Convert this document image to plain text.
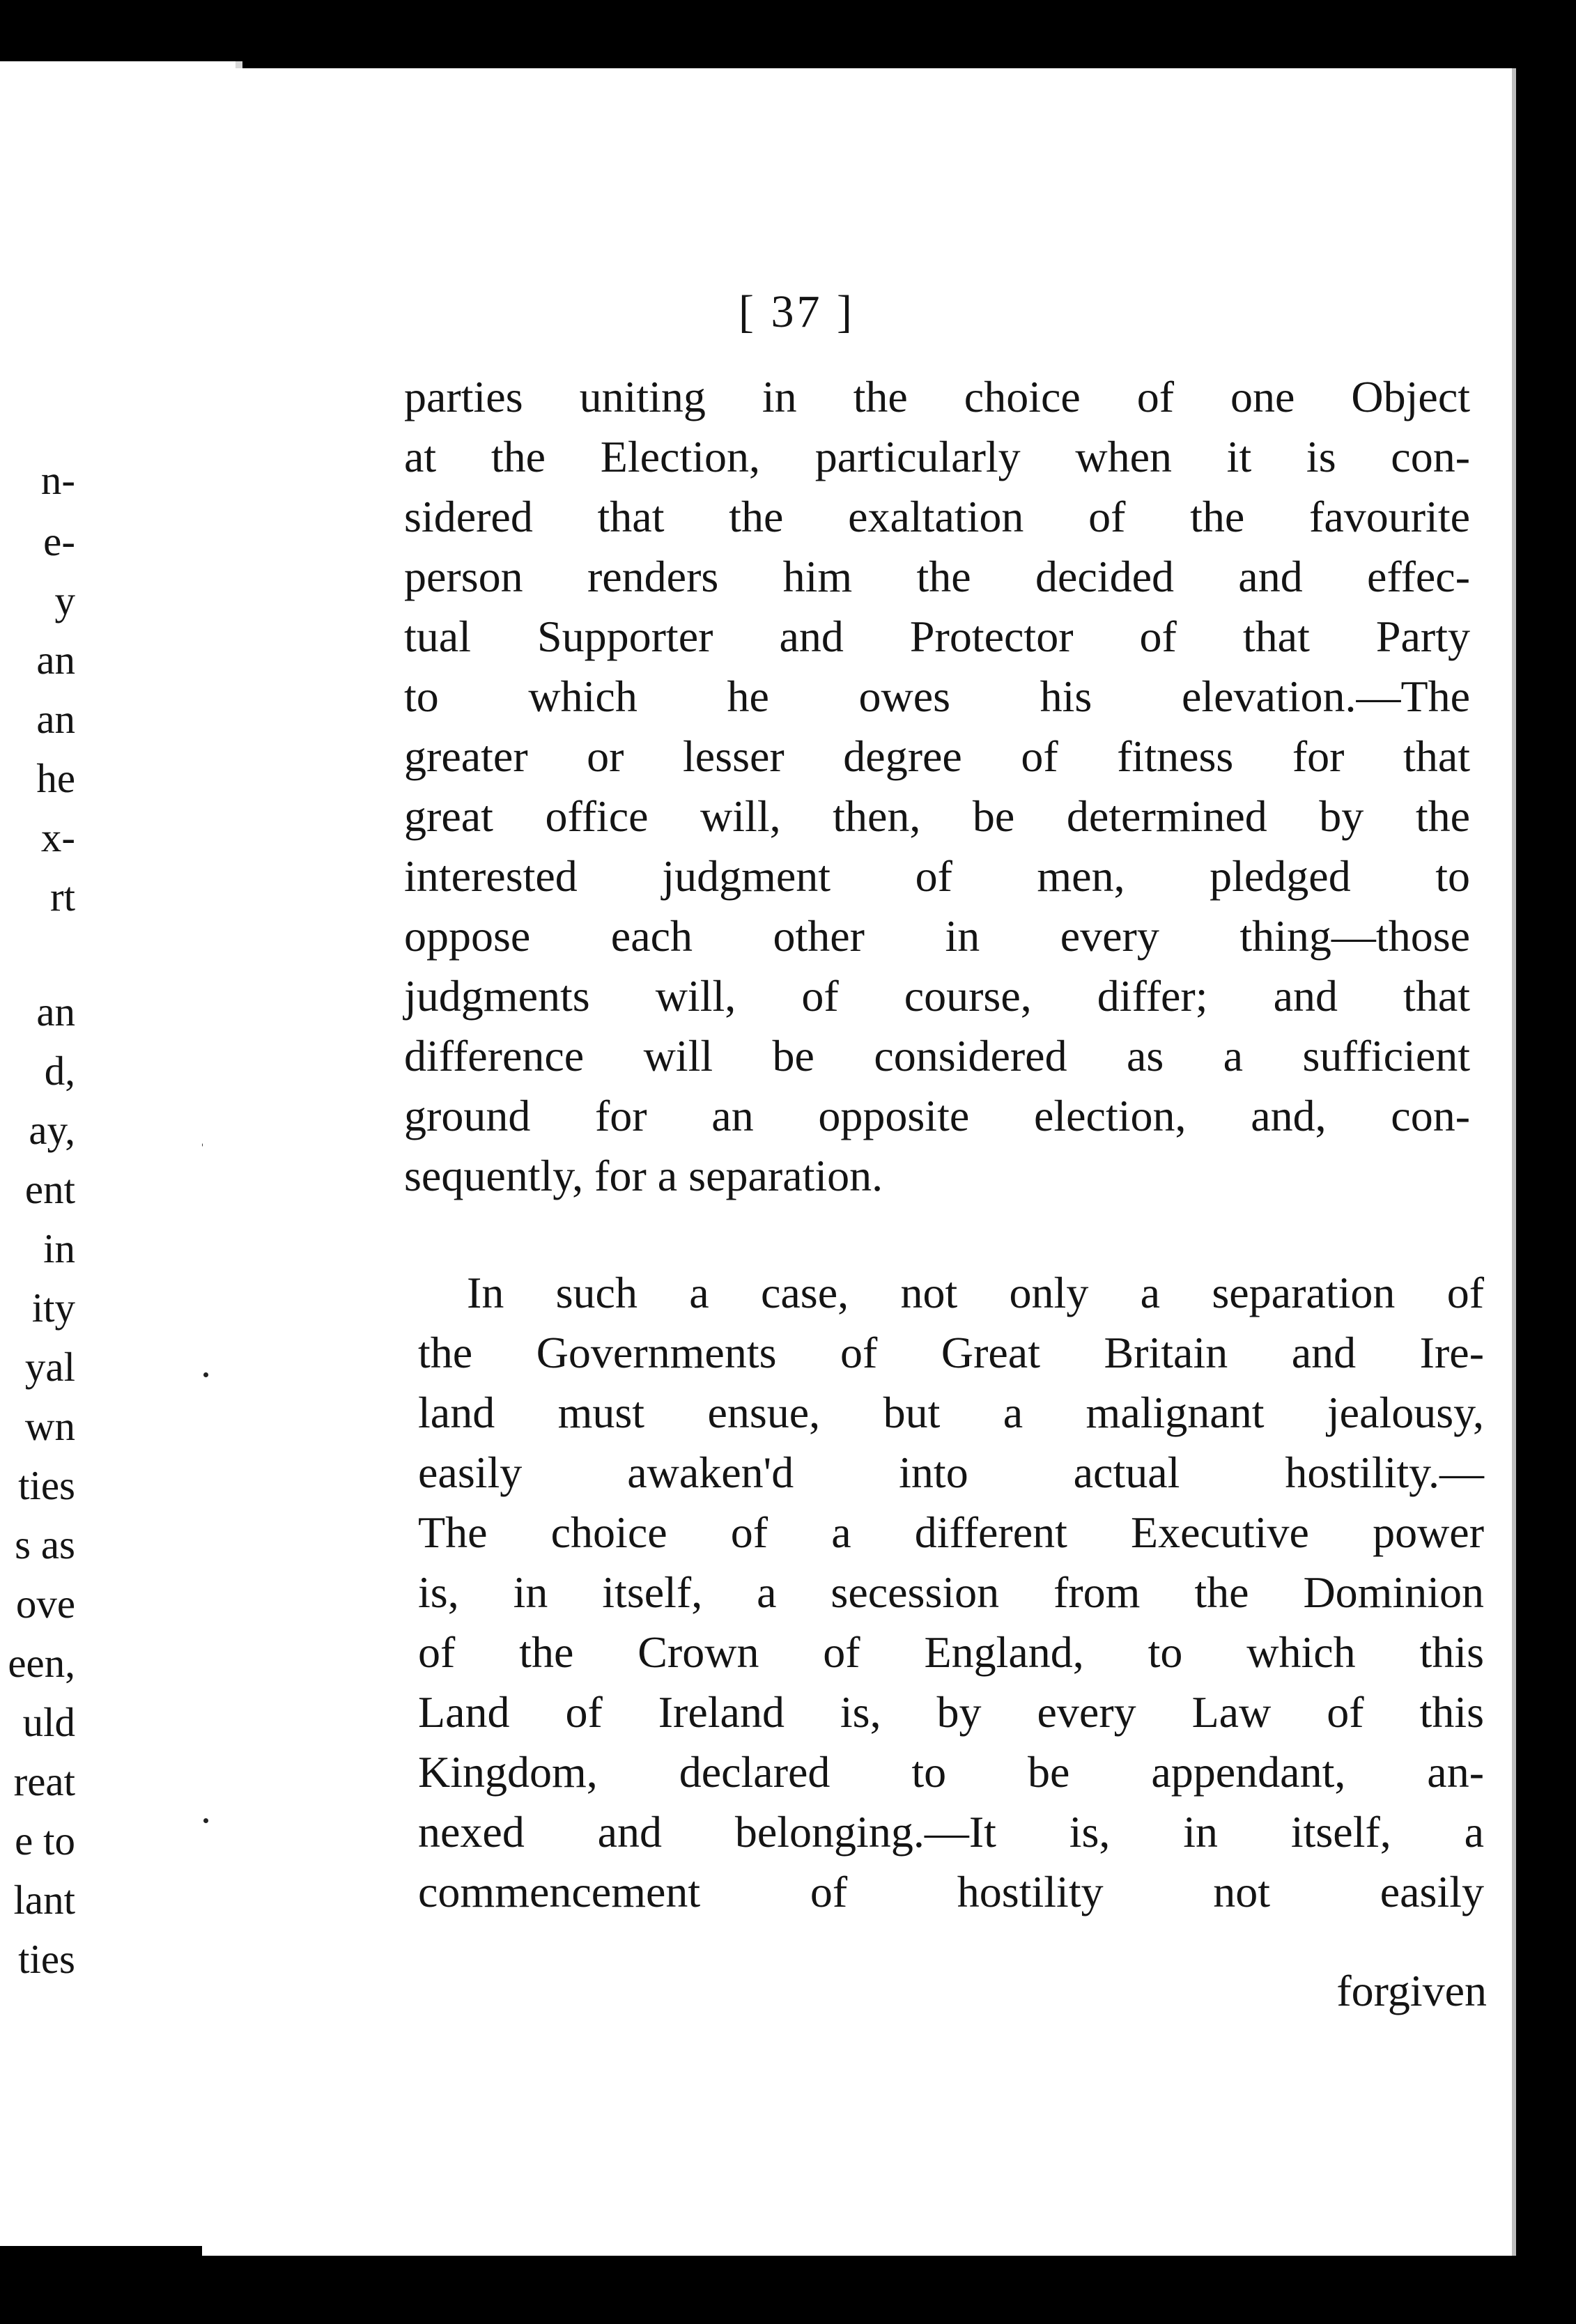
n-
e-
y
an
an
he
x-
rt
an
d,
ay,
ent
in
ity
yal
wn
ties
s as
ove
een,
uld
reat
e to
lant
ties
[ 37 ]
parties uniting in the choice of one Object
at the Election, particularly when it is con-
sidered that the exaltation of the favourite
person renders him the decided and effec-
tual Supporter and Protector of that Party
to which he owes his elevation.—The
greater or lesser degree of fitness for that
great office will, then, be determined by the
interested judgment of men, pledged to
oppose each other in every thing—those
judgments will, of course, differ; and that
difference will be considered as a sufficient
ground for an opposite election, and, con-
sequently, for a separation.
In such a case, not only a separation of
the Governments of Great Britain and Ire-
land must ensue, but a malignant jealousy,
easily awaken'd into actual hostility.—
The choice of a different Executive power
is, in itself, a secession from the Dominion
of the Crown of England, to which this
Land of Ireland is, by every Law of this
Kingdom, declared to be appendant, an-
nexed and belonging.—It is, in itself, a
commencement of hostility not easily
forgiven
